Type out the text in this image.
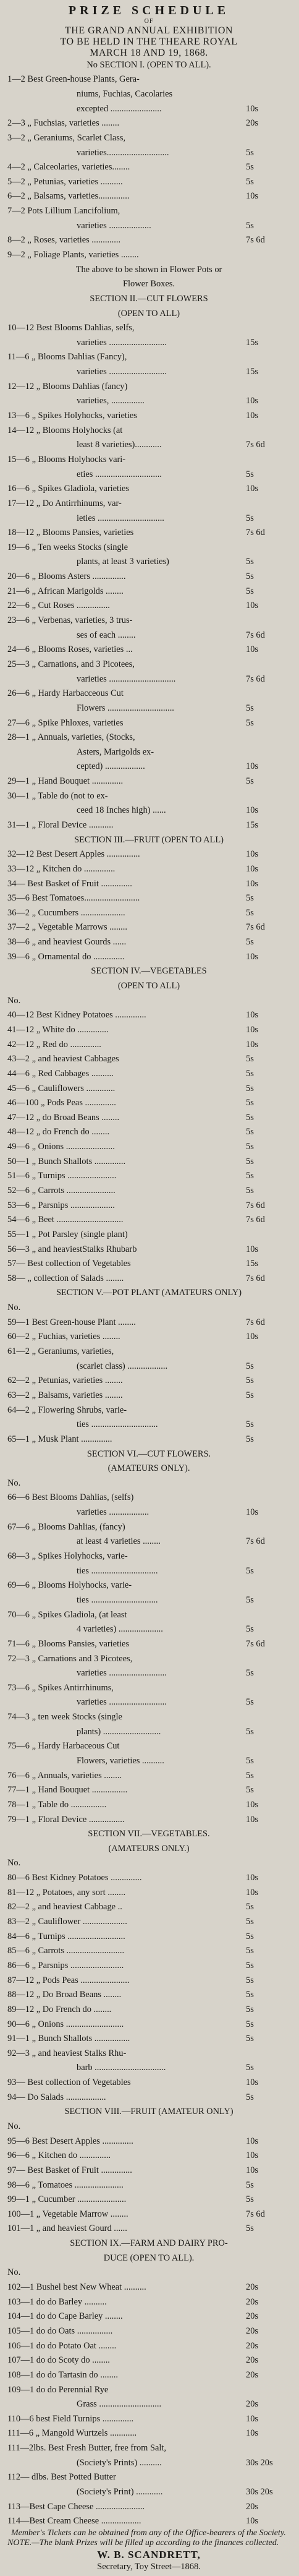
PRIZE SCHEDULE
OF
THE GRAND ANNUAL EXHIBITION
TO BE HELD IN THE THEARE ROYAL
MARCH 18 AND 19, 1868.
No SECTION I. (OPEN TO ALL).
1—2 Best Green-house Plants, Gera-
niums, Fuchias, Cacolaries
excepted .......................	10s
2—3 „ Fuchsias, varieties ........	20s
3—2 „ Geraniums, Scarlet Class,
varieties............................	5s
4—2 „ Calceolaries, varieties........	5s
5—2 „ Petunias, varieties ..........	5s
6—2 „ Balsams, varieties..............	10s
7—2 Pots Lillium Lancifolium,
varieties ...................	5s
8—2 „ Roses, varieties .............	7s 6d
9—2 „ Foliage Plants, varieties ........
The above to be shown in Flower Pots or
Flower Boxes.
SECTION II.—CUT FLOWERS
(OPEN TO ALL)
10—12 Best Blooms Dahlias, selfs,
varieties ..........................	15s
11—6 „ Blooms Dahlias (Fancy),
varieties ..........................	15s
12—12 „ Blooms Dahlias (fancy)
varieties, ...............	10s
13—6 „ Spikes Holyhocks, varieties	10s
14—12 „ Blooms Holyhocks (at
least 8 varieties)............	7s 6d
15—6 „ Blooms Holyhocks vari-
eties ..............................	5s
16—6 „ Spikes Gladiola, varieties	10s
17—12 „ Do Antirrhinums, var-
ieties ..............................	5s
18—12 „ Blooms Pansies, varieties	7s 6d
19—6 „ Ten weeks Stocks (single
plants, at least 3 varieties)	5s
20—6 „ Blooms Asters ...............	5s
21—6 „ African Marigolds ........	5s
22—6 „ Cut Roses ...............	10s
23—6 „ Verbenas, varieties, 3 trus-
ses of each ........	7s 6d
24—6 „ Blooms Roses, varieties ...	10s
25—3 „ Carnations, and 3 Picotees,
varieties ..............................	7s 6d
26—6 „ Hardy Harbacceous Cut
Flowers ..............................	5s
27—6 „ Spike Phloxes, varieties	5s
28—1 „ Annuals, varieties, (Stocks,
Asters, Marigolds ex-
cepted) ..................	10s
29—1 „ Hand Bouquet ..............	5s
30—1 „ Table do (not to ex-
ceed 18 Inches high) ......	10s
31—1 „ Floral Device ...........	15s
SECTION III.—FRUIT (OPEN TO ALL)
32—12 Best Desert Apples ...............	10s
33—12 „ Kitchen do ..............	10s
34— Best Basket of Fruit ..............	10s
35—6 Best Tomatoes.........................	5s
36—2 „ Cucumbers ....................	5s
37—2 „ Vegetable Marrows ........	7s 6d
38—6 „ and heaviest Gourds ......	5s
39—6 „ Ornamental do ..............	10s
SECTION IV.—VEGETABLES
(OPEN TO ALL)
No.
40—12 Best Kidney Potatoes ..............	10s
41—12 „ White do ..............	10s
42—12 „ Red do ..............	10s
43—2 „ and heaviest Cabbages	5s
44—6 „ Red Cabbages ..........	5s
45—6 „ Cauliflowers .............	5s
46—100 „ Pods Peas ..............	5s
47—12 „ do Broad Beans ........	5s
48—12 „ do French do ........	5s
49—6 „ Onions ......................	5s
50—1 „ Bunch Shallots ..............	5s
51—6 „ Turnips ......................	5s
52—6 „ Carrots ......................	5s
53—6 „ Parsnips ....................	7s 6d
54—6 „ Beet ..............................	7s 6d
55—1 „ Pot Parsley (single plant)
56—3 „ and heaviestStalks Rhubarb	10s
57— Best collection of Vegetables	15s
58— „ collection of Salads ........	7s 6d
SECTION V.—POT PLANT (AMATEURS ONLY)
No.
59—1 Best Green-house Plant ........	7s 6d
60—2 „ Fuchias, varieties ........	10s
61—2 „ Geraniums, varieties,
(scarlet class) ..................	5s
62—2 „ Petunias, varieties ........	5s
63—2 „ Balsams, varieties ........	5s
64—2 „ Flowering Shrubs, varie-
ties ..............................	5s
65—1 „ Musk Plant ..............	5s
SECTION VI.—CUT FLOWERS.
(AMATEURS ONLY).
No.
66—6 Best Blooms Dahlias, (selfs)
varieties ..................	10s
67—6 „ Blooms Dahlias, (fancy)
at least 4 varieties ........	7s 6d
68—3 „ Spikes Holyhocks, varie-
ties ..............................	5s
69—6 „ Blooms Holyhocks, varie-
ties ..............................	5s
70—6 „ Spikes Gladiola, (at least
4 varieties) ....................	5s
71—6 „ Blooms Pansies, varieties	7s 6d
72—3 „ Carnations and 3 Picotees,
varieties ..........................	5s
73—6 „ Spikes Antirrhinums,
varieties ..........................	5s
74—3 „ ten week Stocks (single
plants) ..........................	5s
75—6 „ Hardy Harbaceous Cut
Flowers, varieties ..........	5s
76—6 „ Annuals, varieties ........	5s
77—1 „ Hand Bouquet ................	5s
78—1 „ Table do ................	10s
79—1 „ Floral Device ................	10s
SECTION VII.—VEGETABLES.
(AMATEURS ONLY.)
No.
80—6 Best Kidney Potatoes ..............	10s
81—12 „ Potatoes, any sort ........	10s
82—2 „ and heaviest Cabbage ..	5s
83—2 „ Cauliflower ....................	5s
84—6 „ Turnips ..........................	5s
85—6 „ Carrots ..........................	5s
86—6 „ Parsnips ........................	5s
87—12 „ Pods Peas ......................	5s
88—12 „ Do Broad Beans ........	5s
89—12 „ Do French do ........	5s
90—6 „ Onions ..........................	5s
91—1 „ Bunch Shallots ................	5s
92—3 „ and heaviest Stalks Rhu-
barb ................................	5s
93— Best collection of Vegetables	10s
94— Do Salads ..................	5s
SECTION VIII.—FRUIT (AMATEUR ONLY)
No.
95—6 Best Desert Apples ..............	10s
96—6 „ Kitchen do ..............	10s
97— Best Basket of Fruit ..............	10s
98—6 „ Tomatoes ......................	5s
99—1 „ Cucumber ......................	5s
100—1 „ Vegetable Marrow ........	7s 6d
101—1 „ and heaviest Gourd ......	5s
SECTION IX.—FARM AND DAIRY PRO-
DUCE (OPEN TO ALL).
No.
102—1 Bushel best New Wheat ..........	20s
103—1 do do Barley ..........	20s
104—1 do do Cape Barley ........	20s
105—1 do do Oats ................	20s
106—1 do do Potato Oat ........	20s
107—1 do do Scoty do ........	20s
108—1 do do Tartasin do ........	20s
109—1 do do Perennial Rye
Grass ............................	20s
110—6 best Field Turnips ..............	10s
111—6 „ Mangold Wurtzels ............	10s
111—2lbs. Best Fresh Butter, free from Salt,
(Society's Prints) ..........	30s 20s
112— dlbs. Best Potted Butter
(Society's Print) ............	30s 20s
113—Best Cape Cheese ......................	20s
114—Best Cream Cheese ..................	10s
Member's Tickets can be obtained from any of the Office-bearers of the Society.
NOTE.—The blank Prizes will be filled up according to the finances collected.
W. B. SCANDRETT,
Secretary, Toy Street—1868.
